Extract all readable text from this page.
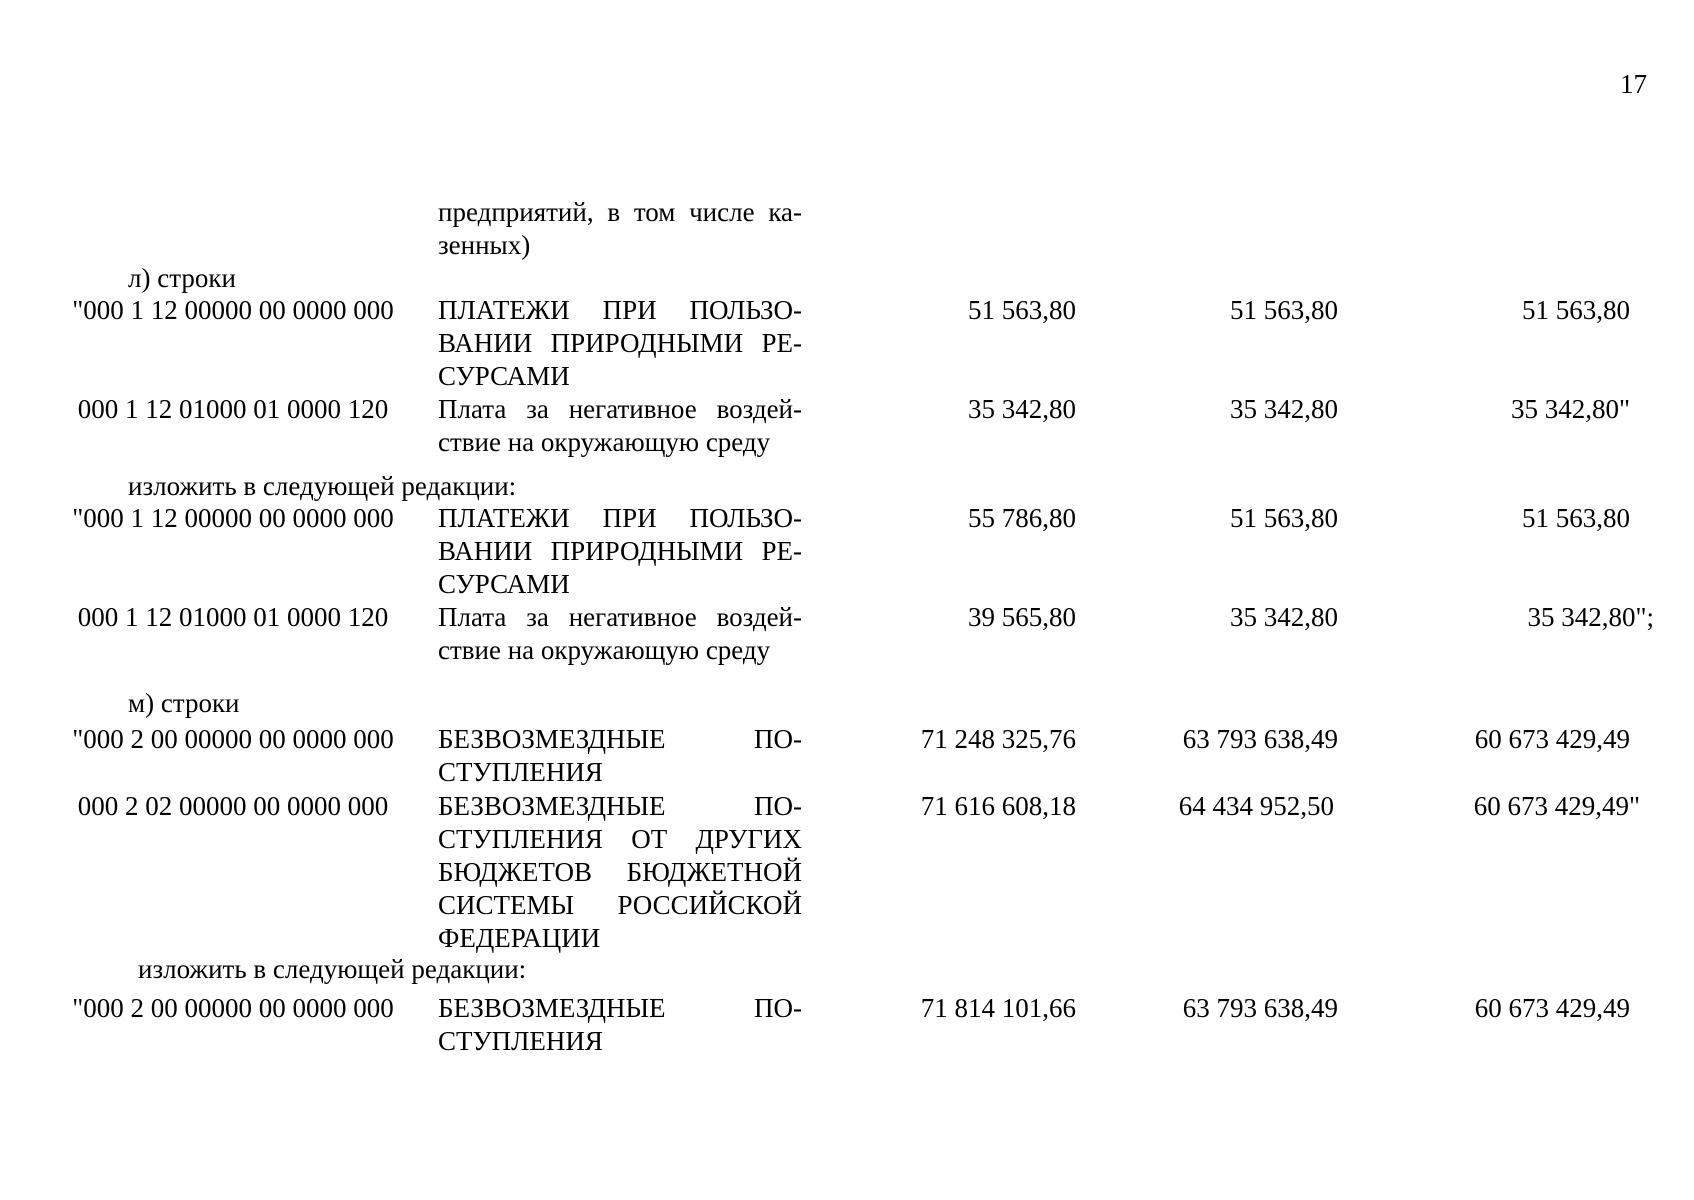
17
предприятий, в том числе ка-
зенных)
л) строки
"000 1 12 00000 00 0000 000	ПЛАТЕЖИ ПРИ ПОЛЬЗО-
ВАНИИ ПРИРОДНЫМИ РЕ-
СУРСАМИ
51 563,80	51 563,80	51 563,80
000 1 12 01000 01 0000 120	Плата за негативное воздей-
ствие на окружающую среду
35 342,80	35 342,80	35 342,80"
изложить в следующей редакции:
"000 1 12 00000 00 0000 000	ПЛАТЕЖИ ПРИ ПОЛЬЗО-
ВАНИИ ПРИРОДНЫМИ РЕ-
СУРСАМИ
55 786,80	51 563,80	51 563,80
000 1 12 01000 01 0000 120	Плата за негативное воздей-
ствие на окружающую среду
39 565,80	35 342,80	35 342,80";
м) строки
"000 2 00 00000 00 0000 000	БЕЗВОЗМЕЗДНЫЕ ПО-
СТУПЛЕНИЯ
71 248 325,76	63 793 638,49	60 673 429,49
000 2 02 00000 00 0000 000	БЕЗВОЗМЕЗДНЫЕ ПО-
СТУПЛЕНИЯ ОТ ДРУГИХ
БЮДЖЕТОВ БЮДЖЕТНОЙ
СИСТЕМЫ РОССИЙСКОЙ
ФЕДЕРАЦИИ
71 616 608,18	64 434 952,50	60 673 429,49"
изложить в следующей редакции:
"000 2 00 00000 00 0000 000	БЕЗВОЗМЕЗДНЫЕ ПО-
СТУПЛЕНИЯ
71 814 101,66	63 793 638,49	60 673 429,49
